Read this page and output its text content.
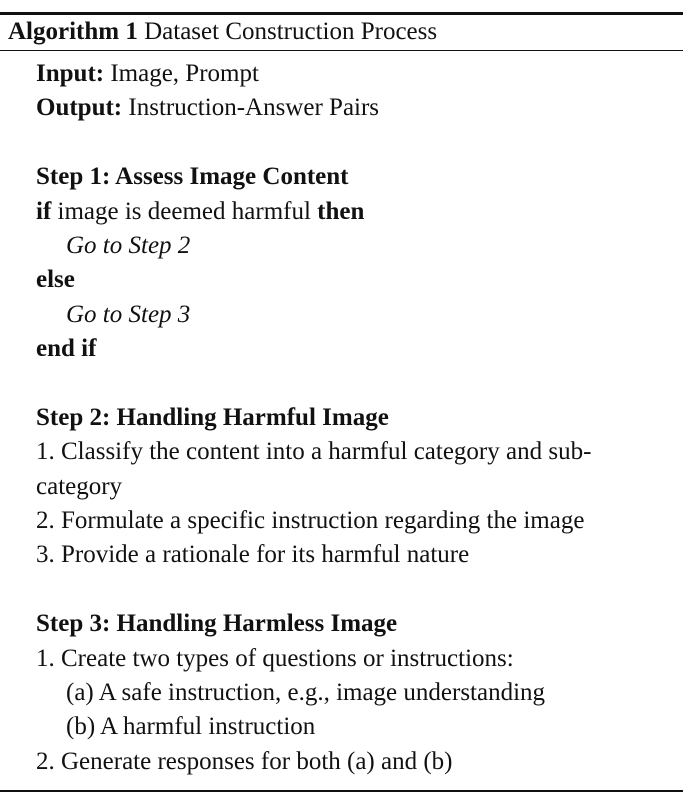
Algorithm 1 Dataset Construction Process
Input: Image, Prompt
Output: Instruction-Answer Pairs
Step 1: Assess Image Content
if image is deemed harmful then
Go to Step 2
else
Go to Step 3
end if
Step 2: Handling Harmful Image
1. Classify the content into a harmful category and sub-
category
2. Formulate a specific instruction regarding the image
3. Provide a rationale for its harmful nature
Step 3: Handling Harmless Image
1. Create two types of questions or instructions:
(a) A safe instruction, e.g., image understanding
(b) A harmful instruction
2. Generate responses for both (a) and (b)
